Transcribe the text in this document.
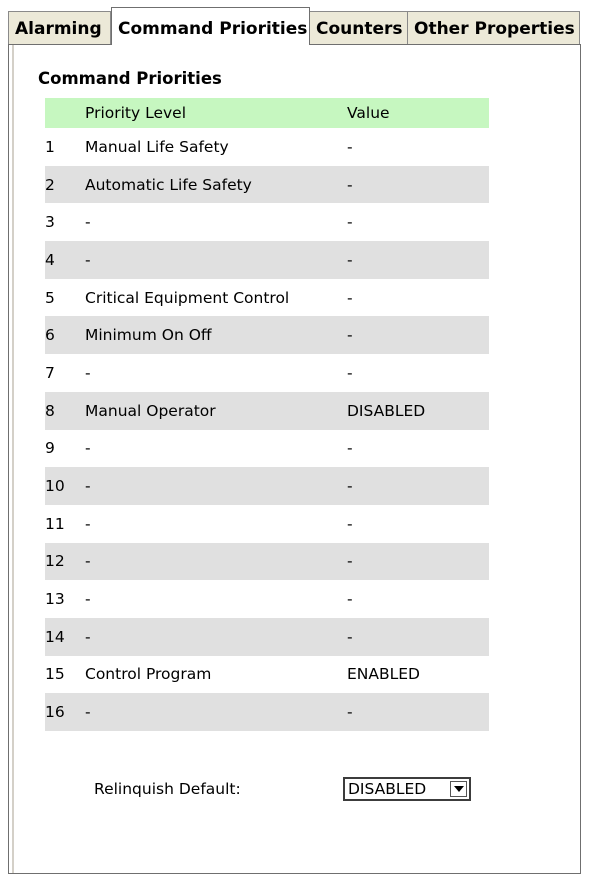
Alarming Command Priorities Counters Other Properties
Command Priorities
	Priority Level	Value
1	Manual Life Safety	-
2	Automatic Life Safety	-
3	-	-
4	-	-
5	Critical Equipment Control	-
6	Minimum On Off	-
7	-	-
8	Manual Operator	DISABLED
9	-	-
10	-	-
11	-	-
12	-	-
13	-	-
14	-	-
15	Control Program	ENABLED
16	-	-
Relinquish Default:	DISABLED
